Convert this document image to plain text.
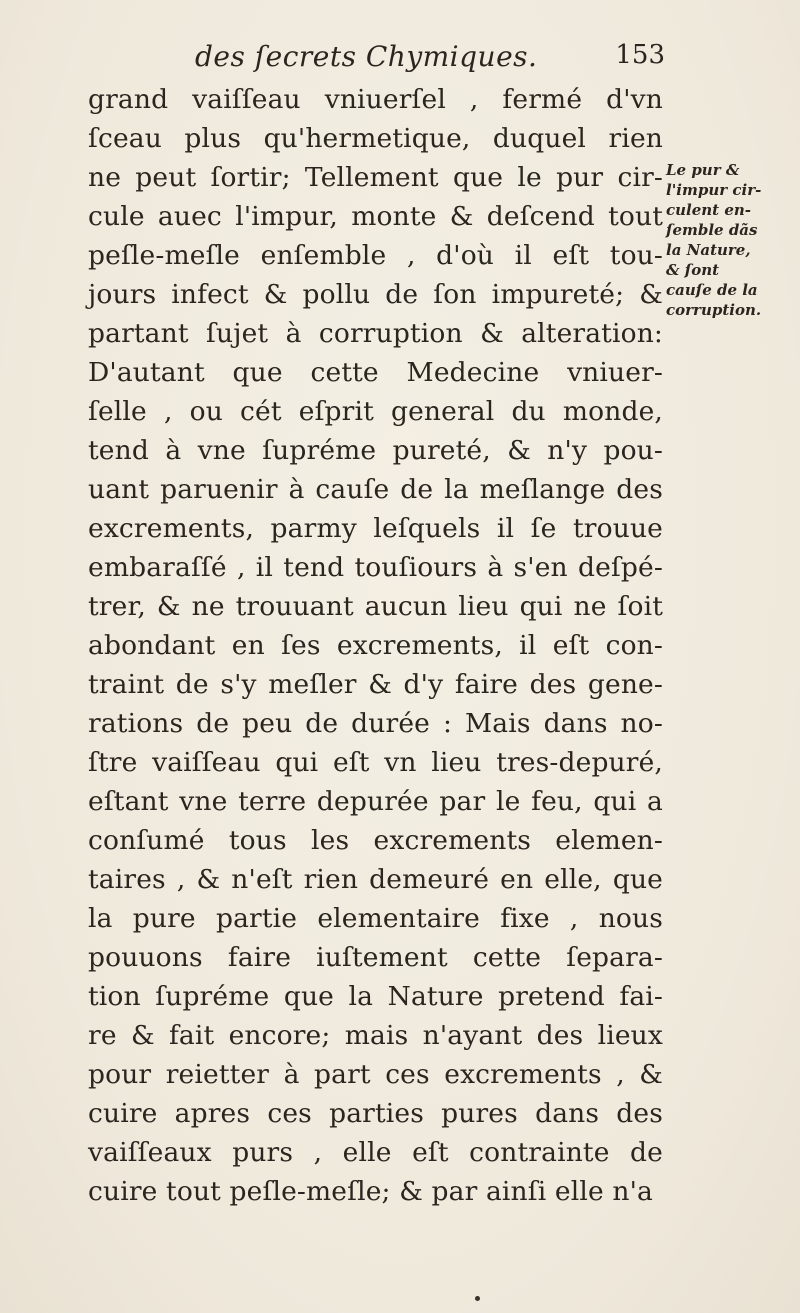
des ſecrets Chymiques.	153
grand vaiſſeau vniuerſel , fermé d'vn
ſceau plus qu'hermetique, duquel rien
ne peut ſortir; Tellement que le pur cir-
cule auec l'impur, monte & deſcend tout
peſle-meſle enſemble , d'où il eſt tou-
jours infect & pollu de ſon impureté; &
partant ſujet à corruption & alteration:
D'autant que cette Medecine vniuer-
ſelle , ou cét eſprit general du monde,
tend à vne ſupréme pureté, & n'y pou-
uant paruenir à cauſe de la meſlange des
excrements, parmy leſquels il ſe trouue
embaraſſé , il tend touſiours à s'en deſpé-
trer, & ne trouuant aucun lieu qui ne ſoit
abondant en ſes excrements, il eſt con-
traint de s'y meſler & d'y faire des gene-
rations de peu de durée : Mais dans no-
ſtre vaiſſeau qui eſt vn lieu tres-depuré,
eſtant vne terre depurée par le feu, qui a
conſumé tous les excrements elemen-
taires , & n'eſt rien demeuré en elle, que
la pure partie elementaire fixe , nous
pouuons faire iuſtement cette ſepara-
tion ſupréme que la Nature pretend fai-
re & fait encore; mais n'ayant des lieux
pour reietter à part ces excrements , &
cuire apres ces parties pures dans des
vaiſſeaux purs , elle eſt contrainte de
cuire tout peſle-meſle; & par ainſi elle n'a
Le pur &
l'impur cir-
culent en-
ſemble dãs
la Nature,
& ſont
cauſe de la
corruption.
